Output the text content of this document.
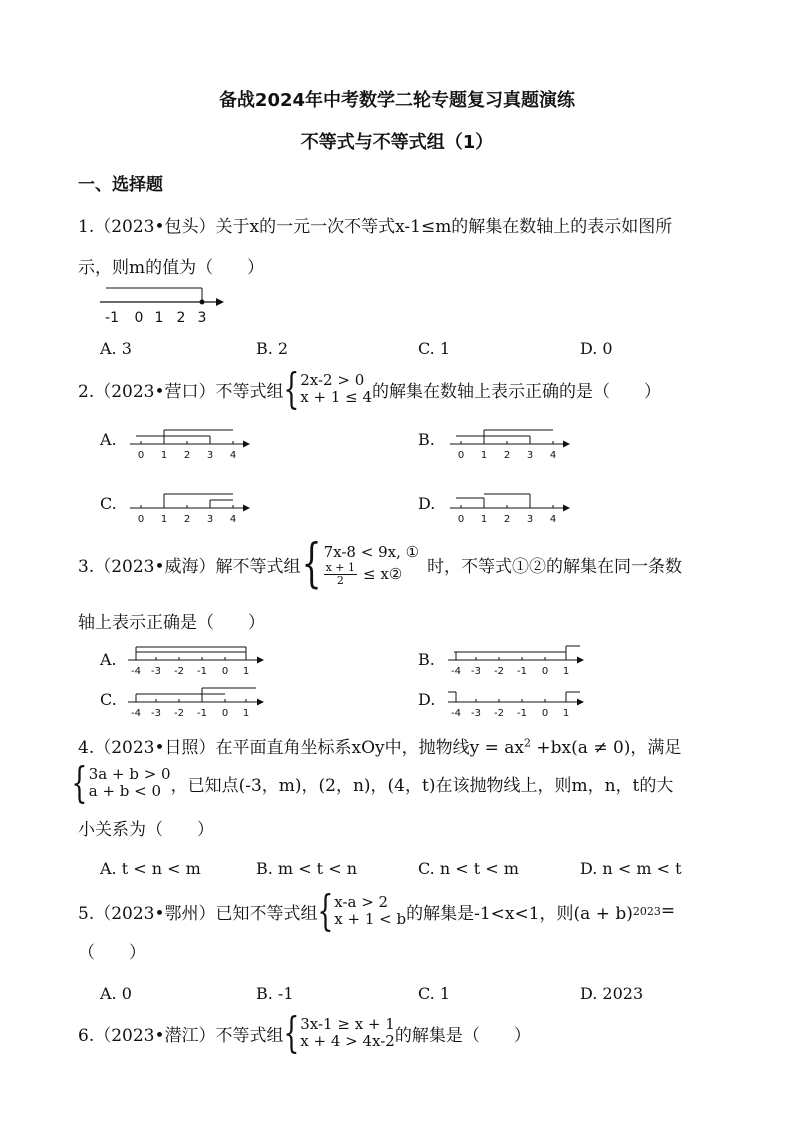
备战2024年中考数学二轮专题复习真题演练
不等式与不等式组（1）
一、选择题
1.（2023•包头）关于x的一元一次不等式x-1≤m的解集在数轴上的表示如图所
示，则m的值为（　　）
-1 0 1 2 3
A. 3	B. 2	C. 1	D. 0
2.（2023•营口）不等式组 { 2x-2 > 0
x + 1 ≤ 4 的解集在数轴上表示正确的是（　　）
A.	B.
C.	D.
0 1 2 3 4	0 1 2 3 4
0 1 2 3 4	0 1 2 3 4
3.（2023•威海）解不等式组 { 7x-8 < 9x, ①
$\frac{x + 1}{2}$ ≤ x② 时，不等式①②的解集在同一条数
轴上表示正确是（　　）
A.	B.
C.	D.
-4 -3 -2 -1 0 1	-4 -3 -2 -1 0 1
-4 -3 -2 -1 0 1	-4 -3 -2 -1 0 1
4.（2023•日照）在平面直角坐标系xOy中，抛物线$y = ax^2 +bx(a \ne 0)$，满足
{ 3a + b > 0
a + b < 0 ，已知点(-3，m)，(2，n)，(4，t)在该抛物线上，则m，n，t的大
小关系为（　　）
A. t < n < m	B. m < t < n	C. n < t < m	D. n < m < t
5.（2023•鄂州）已知不等式组 { x-a > 2
x + 1 < b 的解集是-1<x<1，则(a + b) 2023 =
（　　）
A. 0	B. -1	C. 1	D. 2023
6.（2023•潜江）不等式组 { 3x-1 ≥ x + 1
x + 4 > 4x-2 的解集是（　　）
